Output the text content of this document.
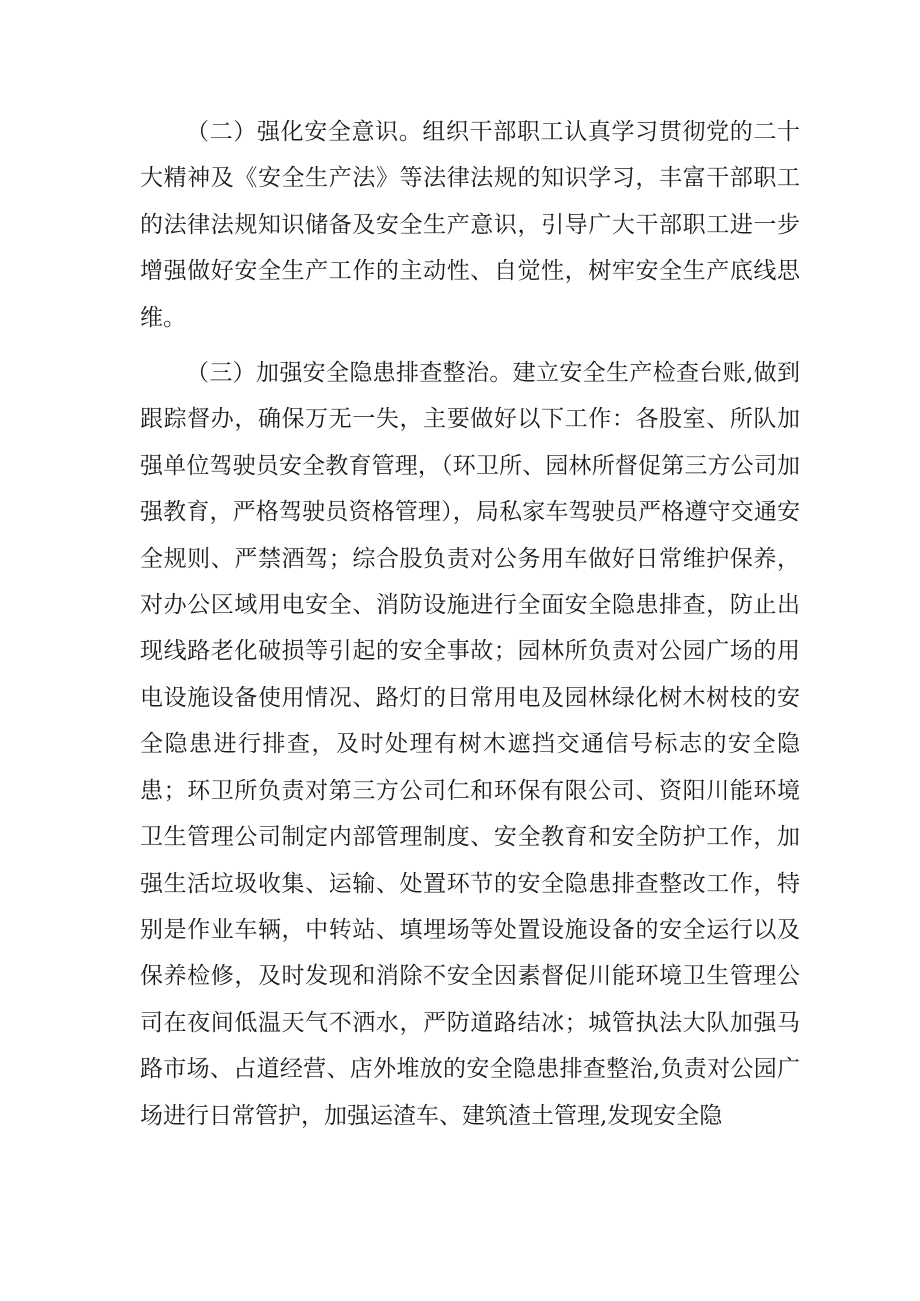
（二）强化安全意识。组织干部职工认真学习贯彻党的二十大精神及《安全生产法》等法律法规的知识学习，丰富干部职工的法律法规知识储备及安全生产意识，引导广大干部职工进一步增强做好安全生产工作的主动性、自觉性，树牢安全生产底线思维。

（三）加强安全隐患排查整治。建立安全生产检查台账,做到跟踪督办，确保万无一失，主要做好以下工作：各股室、所队加强单位驾驶员安全教育管理，（环卫所、园林所督促第三方公司加强教育，严格驾驶员资格管理），局私家车驾驶员严格遵守交通安全规则、严禁酒驾；综合股负责对公务用车做好日常维护保养，对办公区域用电安全、消防设施进行全面安全隐患排查，防止出现线路老化破损等引起的安全事故；园林所负责对公园广场的用电设施设备使用情况、路灯的日常用电及园林绿化树木树枝的安全隐患进行排查，及时处理有树木遮挡交通信号标志的安全隐患；环卫所负责对第三方公司仁和环保有限公司、资阳川能环境卫生管理公司制定内部管理制度、安全教育和安全防护工作，加强生活垃圾收集、运输、处置环节的安全隐患排查整改工作，特别是作业车辆，中转站、填埋场等处置设施设备的安全运行以及保养检修，及时发现和消除不安全因素督促川能环境卫生管理公司在夜间低温天气不洒水，严防道路结冰；城管执法大队加强马路市场、占道经营、店外堆放的安全隐患排查整治,负责对公园广场进行日常管护，加强运渣车、建筑渣土管理,发现安全隐
